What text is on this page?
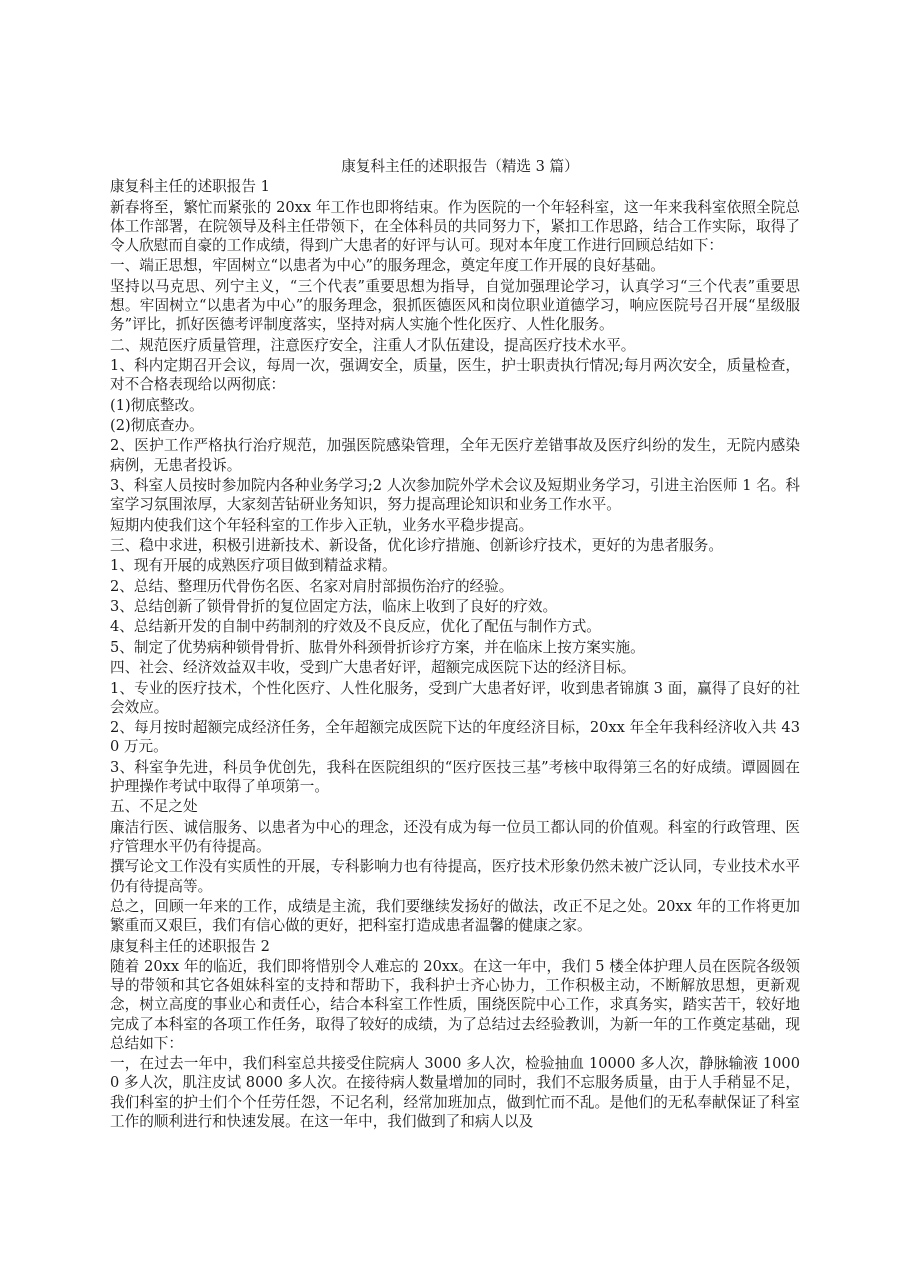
康复科主任的述职报告（精选 3 篇）
康复科主任的述职报告 1
新春将至，繁忙而紧张的 20xx 年工作也即将结束。作为医院的一个年轻科室，这一年来我科室依照全院总体工作部署，在院领导及科主任带领下，在全体科员的共同努力下，紧扣工作思路，结合工作实际，取得了令人欣慰而自豪的工作成绩，得到广大患者的好评与认可。现对本年度工作进行回顾总结如下：
一、端正思想，牢固树立“以患者为中心”的服务理念，奠定年度工作开展的良好基础。
坚持以马克思、列宁主义，“三个代表”重要思想为指导，自觉加强理论学习，认真学习“三个代表”重要思想。牢固树立“以患者为中心”的服务理念，狠抓医德医风和岗位职业道德学习，响应医院号召开展“星级服务”评比，抓好医德考评制度落实，坚持对病人实施个性化医疗、人性化服务。
二、规范医疗质量管理，注意医疗安全，注重人才队伍建设，提高医疗技术水平。
1、科内定期召开会议，每周一次，强调安全，质量，医生，护士职责执行情况;每月两次安全，质量检查，对不合格表现给以两彻底：
(1)彻底整改。
(2)彻底查办。
2、医护工作严格执行治疗规范，加强医院感染管理，全年无医疗差错事故及医疗纠纷的发生，无院内感染病例，无患者投诉。
3、科室人员按时参加院内各种业务学习;2 人次参加院外学术会议及短期业务学习，引进主治医师 1 名。科室学习氛围浓厚，大家刻苦钻研业务知识，努力提高理论知识和业务工作水平。
短期内使我们这个年轻科室的工作步入正轨，业务水平稳步提高。
三、稳中求进，积极引进新技术、新设备，优化诊疗措施、创新诊疗技术，更好的为患者服务。
1、现有开展的成熟医疗项目做到精益求精。
2、总结、整理历代骨伤名医、名家对肩肘部损伤治疗的经验。
3、总结创新了锁骨骨折的复位固定方法，临床上收到了良好的疗效。
4、总结新开发的自制中药制剂的疗效及不良反应，优化了配伍与制作方式。
5、制定了优势病种锁骨骨折、肱骨外科颈骨折诊疗方案，并在临床上按方案实施。
四、社会、经济效益双丰收，受到广大患者好评，超额完成医院下达的经济目标。
1、专业的医疗技术，个性化医疗、人性化服务，受到广大患者好评，收到患者锦旗 3 面，赢得了良好的社会效应。
2、每月按时超额完成经济任务，全年超额完成医院下达的年度经济目标，20xx 年全年我科经济收入共 430 万元。
3、科室争先进，科员争优创先，我科在医院组织的“医疗医技三基”考核中取得第三名的好成绩。谭圆圆在护理操作考试中取得了单项第一。
五、不足之处
廉洁行医、诚信服务、以患者为中心的理念，还没有成为每一位员工都认同的价值观。科室的行政管理、医疗管理水平仍有待提高。
撰写论文工作没有实质性的开展，专科影响力也有待提高，医疗技术形象仍然未被广泛认同，专业技术水平仍有待提高等。
总之，回顾一年来的工作，成绩是主流，我们要继续发扬好的做法，改正不足之处。20xx 年的工作将更加繁重而又艰巨，我们有信心做的更好，把科室打造成患者温馨的健康之家。
康复科主任的述职报告 2
随着 20xx 年的临近，我们即将惜别令人难忘的 20xx。在这一年中，我们 5 楼全体护理人员在医院各级领导的带领和其它各姐妹科室的支持和帮助下，我科护士齐心协力，工作积极主动，不断解放思想，更新观念，树立高度的事业心和责任心，结合本科室工作性质，围绕医院中心工作，求真务实，踏实苦干，较好地完成了本科室的各项工作任务，取得了较好的成绩，为了总结过去经验教训，为新一年的工作奠定基础，现总结如下：
一，在过去一年中，我们科室总共接受住院病人 3000 多人次，检验抽血 10000 多人次，静脉输液 10000 多人次，肌注皮试 8000 多人次。在接待病人数量增加的同时，我们不忘服务质量，由于人手稍显不足，我们科室的护士们个个任劳任怨，不记名利，经常加班加点，做到忙而不乱。是他们的无私奉献保证了科室工作的顺利进行和快速发展。在这一年中，我们做到了和病人以及
